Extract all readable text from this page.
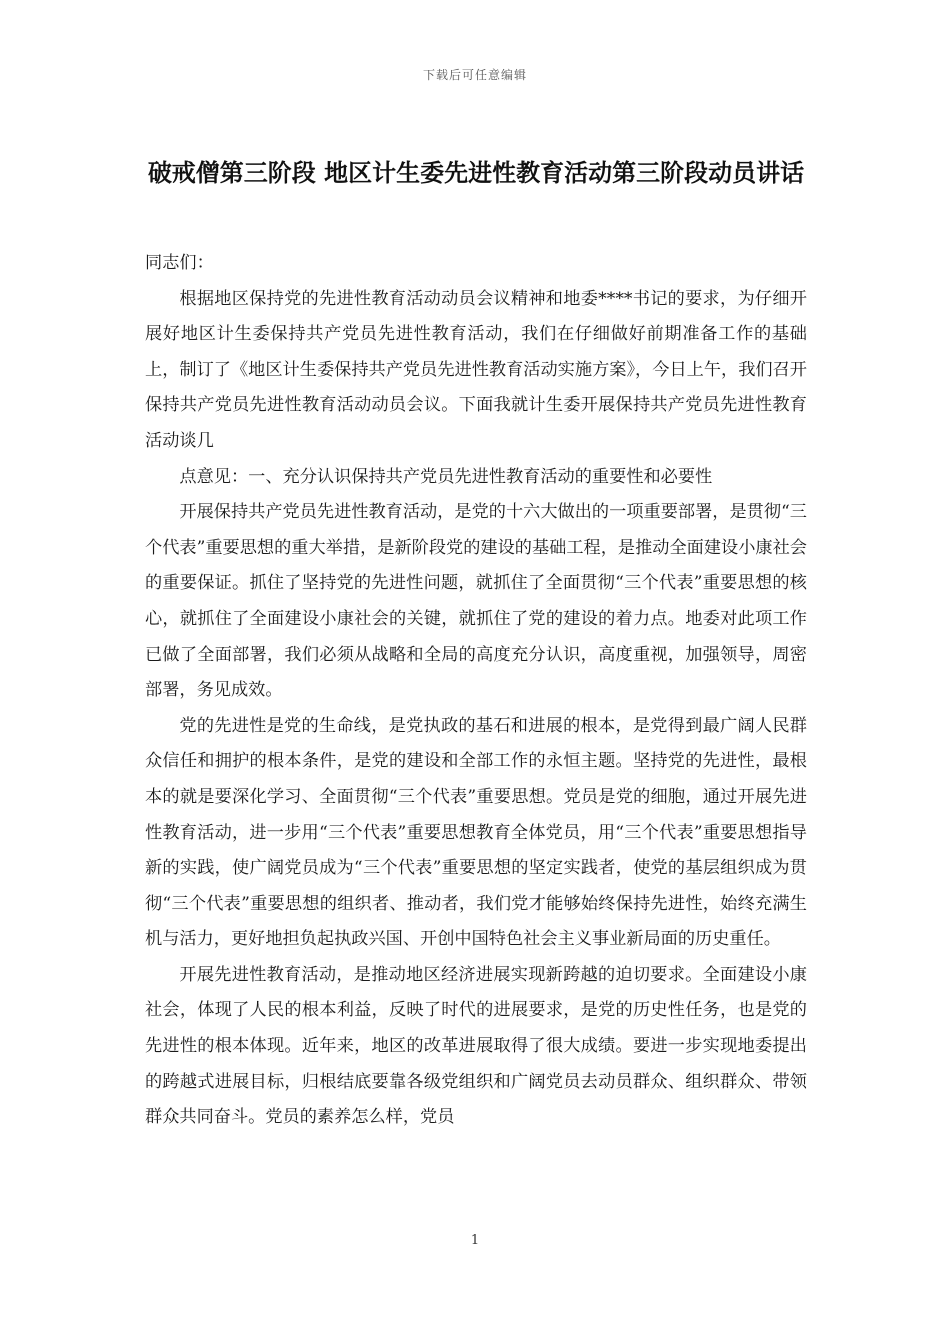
下载后可任意编辑
破戒僧第三阶段 地区计生委先进性教育活动第三阶段动员讲话

同志们：

根据地区保持党的先进性教育活动动员会议精神和地委****书记的要求，为仔细开展好地区计生委保持共产党员先进性教育活动，我们在仔细做好前期准备工作的基础上，制订了《地区计生委保持共产党员先进性教育活动实施方案》，今日上午，我们召开保持共产党员先进性教育活动动员会议。下面我就计生委开展保持共产党员先进性教育活动谈几

点意见：一、充分认识保持共产党员先进性教育活动的重要性和必要性

开展保持共产党员先进性教育活动，是党的十六大做出的一项重要部署，是贯彻“三个代表”重要思想的重大举措，是新阶段党的建设的基础工程，是推动全面建设小康社会的重要保证。抓住了坚持党的先进性问题，就抓住了全面贯彻“三个代表”重要思想的核心，就抓住了全面建设小康社会的关键，就抓住了党的建设的着力点。地委对此项工作已做了全面部署，我们必须从战略和全局的高度充分认识，高度重视，加强领导，周密部署，务见成效。

党的先进性是党的生命线，是党执政的基石和进展的根本，是党得到最广阔人民群众信任和拥护的根本条件，是党的建设和全部工作的永恒主题。坚持党的先进性，最根本的就是要深化学习、全面贯彻“三个代表”重要思想。党员是党的细胞，通过开展先进性教育活动，进一步用“三个代表”重要思想教育全体党员，用“三个代表”重要思想指导新的实践，使广阔党员成为“三个代表”重要思想的坚定实践者，使党的基层组织成为贯彻“三个代表”重要思想的组织者、推动者，我们党才能够始终保持先进性，始终充满生机与活力，更好地担负起执政兴国、开创中国特色社会主义事业新局面的历史重任。

开展先进性教育活动，是推动地区经济进展实现新跨越的迫切要求。全面建设小康社会，体现了人民的根本利益，反映了时代的进展要求，是党的历史性任务，也是党的先进性的根本体现。近年来，地区的改革进展取得了很大成绩。要进一步实现地委提出的跨越式进展目标，归根结底要靠各级党组织和广阔党员去动员群众、组织群众、带领群众共同奋斗。党员的素养怎么样，党员

1
